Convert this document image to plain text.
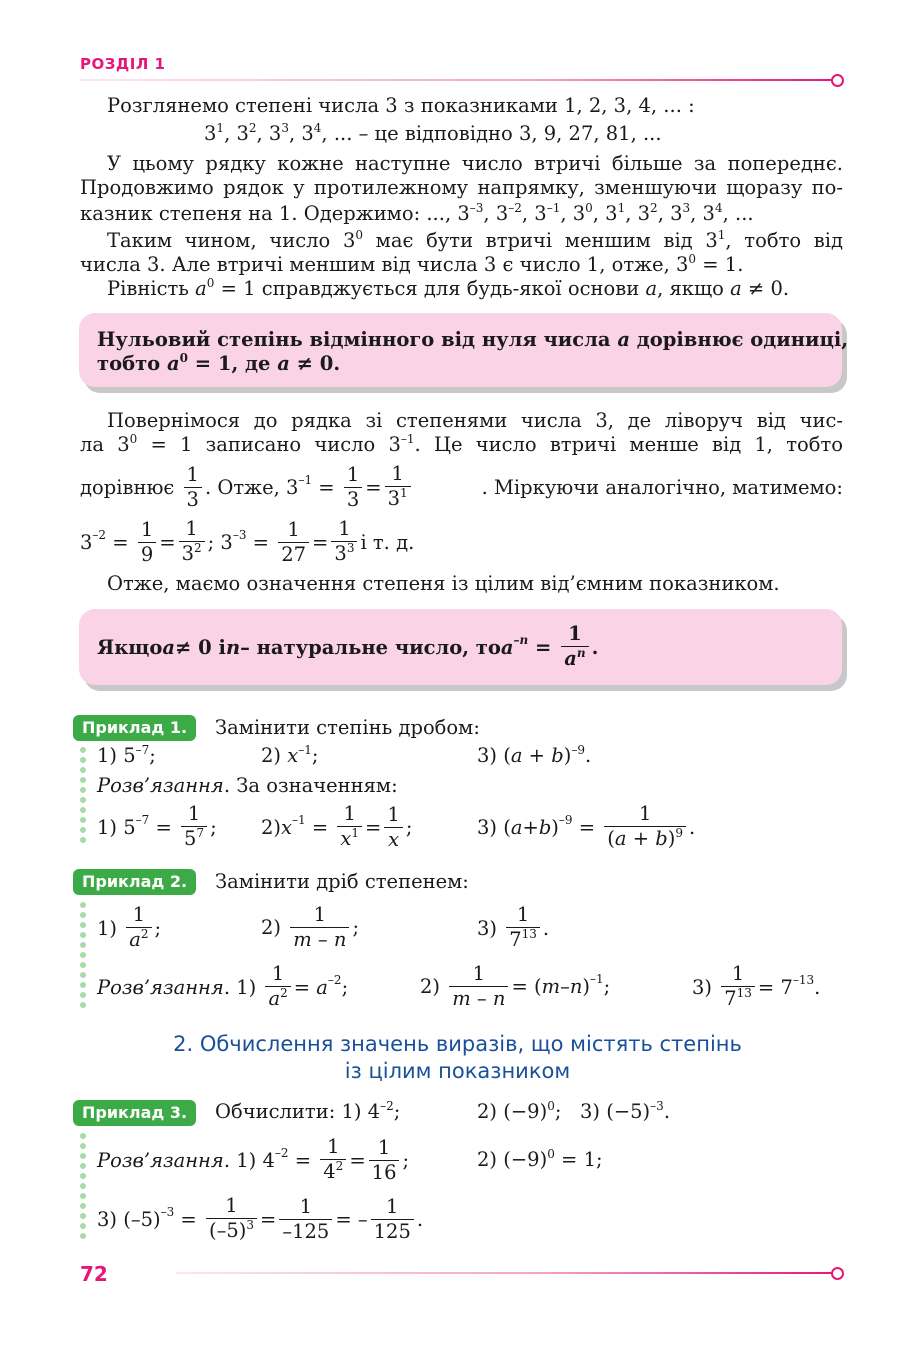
РОЗДІЛ 1
Розглянемо степені числа 3 з показниками 1, 2, 3, 4, ... :
$3^1$, $3^2$, $3^3$, $3^4$, ... – це відповідно 3, 9, 27, 81, ...
У цьому рядку кожне наступне число втричі більше за попереднє.
Продовжимо рядок у протилежному напрямку, зменшуючи щоразу по-
казник степеня на 1. Одержимо: ..., $3^{-3}$, $3^{-2}$, $3^{-1}$, $3^0$, $3^1$, $3^2$, $3^3$, $3^4$, ...
Таким чином, число $3^0$ має бути втричі меншим від $3^1$, тобто від
числа 3. Але втричі меншим від числа 3 є число 1, отже, $3^0 = 1$.
Рівність $a^0 = 1$ справджується для будь-якої основи a, якщо a ≠ 0.
Нульовий степінь відмінного від нуля числа a дорівнює одиниці,
тобто $a^0 = 1$, де a ≠ 0.
Повернімося до рядка зі степенями числа 3, де ліворуч від чис-
ла $3^0 = 1$ записано число $3^{-1}$. Це число втричі менше від 1, тобто
дорівнює
$\frac{1}{3}$ . Отже, $3^{-1} = \frac{1}{3} = \frac{1}{3^1}$	. Міркуючи аналогічно, матимемо:
$3^{-2} = \frac{1}{9} = \frac{1}{3^2}$ ; $3^{-3} = \frac{1}{27} = \frac{1}{3^3}$ і т. д.
Отже, маємо означення степеня із цілим від’ємним показником.
Якщо a ≠ 0 і n – натуральне число, то $a^{-n} = \frac{1}{a^n}$ .
Приклад 1.	Замінити степінь дробом:
1) $5^{-7}$;	2) $x^{-1}$;	3) $(a + b)^{-9}$.
Розв’язання. За означенням:
1) $5^{-7} = \frac{1}{5^7}$ ; 2) $x^{-1} = \frac{1}{x^1} = \frac{1}{x}$ ;	3) ( a + b )$^{-9} = \frac{1}{(a + b)^9}$ .
Приклад 2.	Замінити дріб степенем:
$1) \frac{1}{a^2}$ ;	$2) \frac{1}{m - n}$ ;	$3) \frac{1}{7^{13}}$ .
Розв’язання . $1) \frac{1}{a^2} = a^{-2}$ ;	$2) \frac{1}{m - n}$ = ( m – n )$^{-1}$ ;	$3) \frac{1}{7^{13}} = 7^{-13}$ .
2. Обчислення значень виразів, що містять степінь
із цілим показником
Приклад 3.	Обчислити: 1) $4^{-2}$;	2) $(-9)^0$;   3) $(-5)^{-3}$.
Розв’язання . 1) $4^{-2} = \frac{1}{4^2} = \frac{1}{16}$ ;	2) $(-9)^0 = 1$;
3) $(-5)^{-3} = \frac{1}{(-5)^3} = \frac{1}{-125}$ = – $\frac{1}{125}$ .
72
